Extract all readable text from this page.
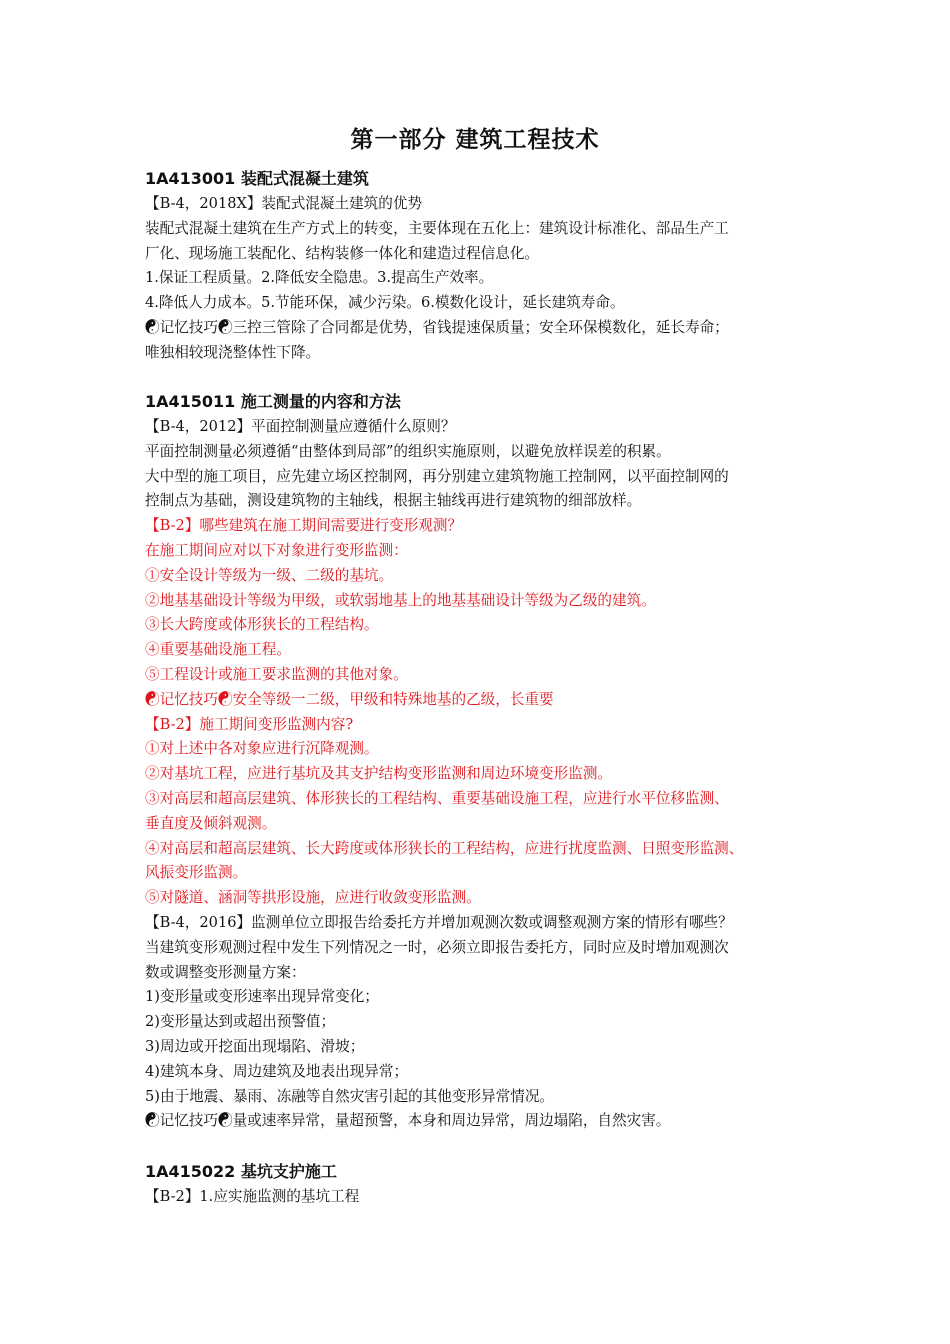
第一部分 建筑工程技术
1A413001 装配式混凝土建筑
【B-4，2018X】装配式混凝土建筑的优势
装配式混凝土建筑在生产方式上的转变，主要体现在五化上：建筑设计标准化、部品生产工
厂化、现场施工装配化、结构装修一体化和建造过程信息化。
1.保证工程质量。2.降低安全隐患。3.提高生产效率。
4.降低人力成本。5.节能环保，减少污染。6.模数化设计，延长建筑寿命。
☯记忆技巧☯三控三管除了合同都是优势，省钱提速保质量；安全环保模数化，延长寿命；
唯独相较现浇整体性下降。
1A415011 施工测量的内容和方法
【B-4，2012】平面控制测量应遵循什么原则？
平面控制测量必须遵循“由整体到局部”的组织实施原则，以避免放样误差的积累。
大中型的施工项目，应先建立场区控制网，再分别建立建筑物施工控制网，以平面控制网的
控制点为基础，测设建筑物的主轴线，根据主轴线再进行建筑物的细部放样。
【B-2】哪些建筑在施工期间需要进行变形观测？
在施工期间应对以下对象进行变形监测：
①安全设计等级为一级、二级的基坑。
②地基基础设计等级为甲级，或软弱地基上的地基基础设计等级为乙级的建筑。
③长大跨度或体形狭长的工程结构。
④重要基础设施工程。
⑤工程设计或施工要求监测的其他对象。
☯记忆技巧☯安全等级一二级，甲级和特殊地基的乙级，长重要
【B-2】施工期间变形监测内容?
①对上述中各对象应进行沉降观测。
②对基坑工程，应进行基坑及其支护结构变形监测和周边环境变形监测。
③对高层和超高层建筑、体形狭长的工程结构、重要基础设施工程，应进行水平位移监测、
垂直度及倾斜观测。
④对高层和超高层建筑、长大跨度或体形狭长的工程结构，应进行扰度监测、日照变形监测、
风振变形监测。
⑤对隧道、涵洞等拱形设施，应进行收敛变形监测。
【B-4，2016】监测单位立即报告给委托方并增加观测次数或调整观测方案的情形有哪些？
当建筑变形观测过程中发生下列情况之一时，必须立即报告委托方，同时应及时增加观测次
数或调整变形测量方案：
1)变形量或变形速率出现异常变化；
2)变形量达到或超出预警值；
3)周边或开挖面出现塌陷、滑坡；
4)建筑本身、周边建筑及地表出现异常；
5)由于地震、暴雨、冻融等自然灾害引起的其他变形异常情况。
☯记忆技巧☯量或速率异常，量超预警，本身和周边异常，周边塌陷，自然灾害。
1A415022 基坑支护施工
【B-2】1.应实施监测的基坑工程
